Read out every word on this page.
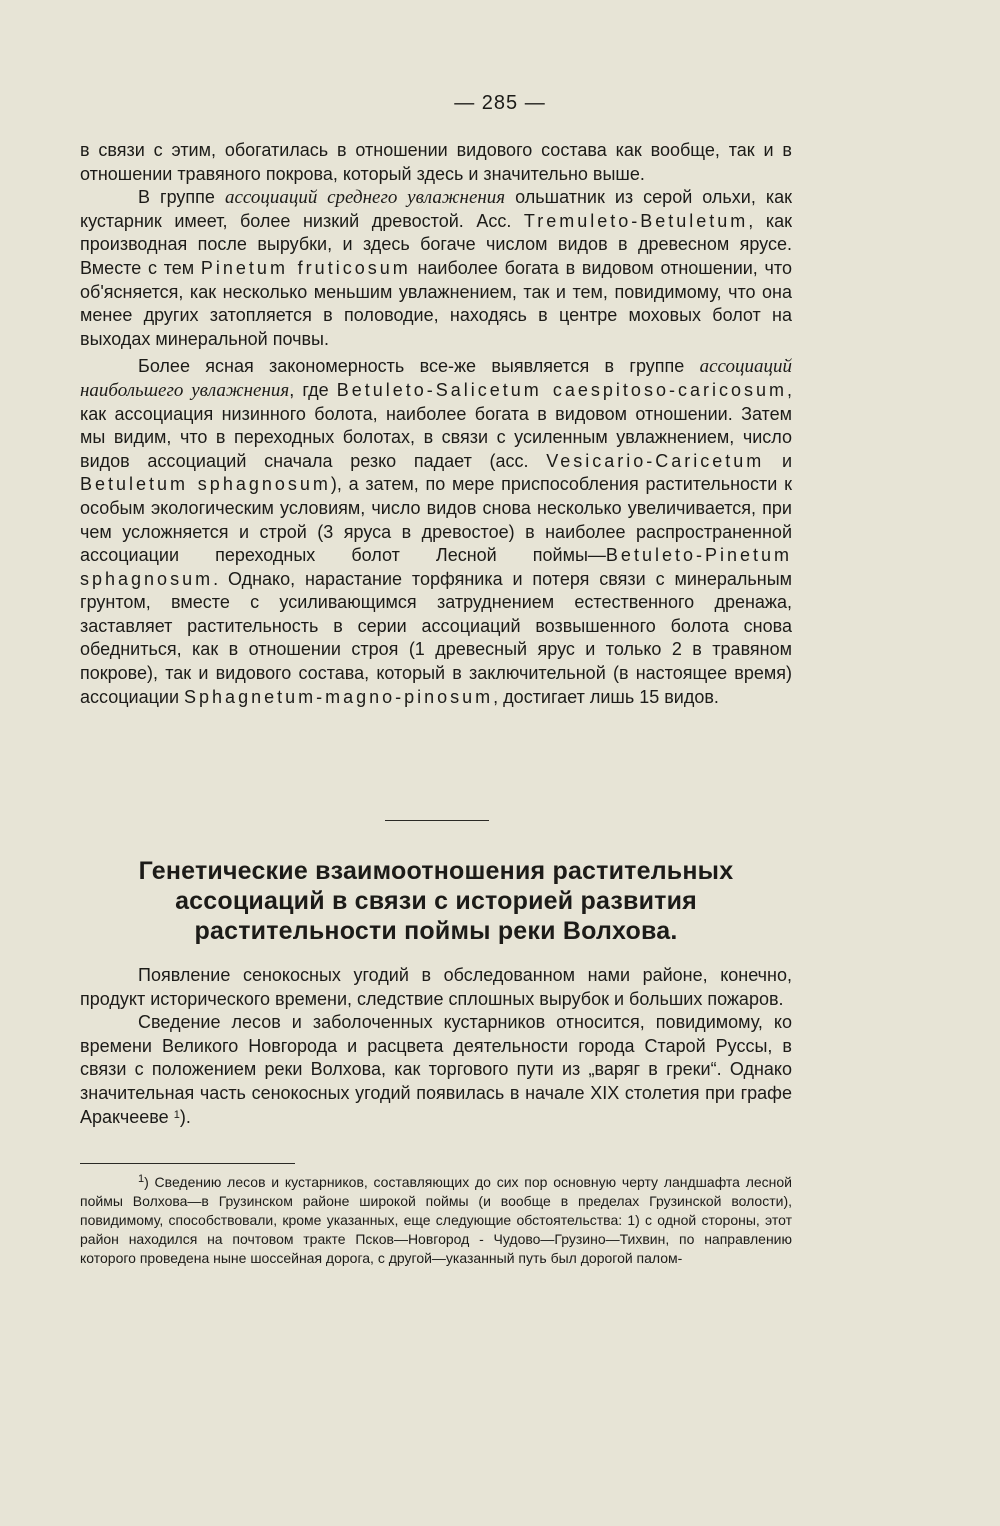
— 285 —

в связи с этим, обогатилась в отношении видового состава как вообще, так и в отношении травяного покрова, который здесь и значительно выше.

В группе ассоциаций среднего увлажнения ольшатник из серой ольхи, как кустарник имеет, более низкий древостой. Асс. Tremuleto-Betuletum, как производная после вырубки, и здесь богаче числом видов в древесном ярусе. Вместе с тем Pinetum fruticosum наиболее богата в видовом отношении, что об'ясняется, как несколько меньшим увлажнением, так и тем, повидимому, что она менее других затопляется в половодие, находясь в центре моховых болот на выходах минеральной почвы.

Более ясная закономерность все-же выявляется в группе ассоциаций наибольшего увлажнения, где Betuleto-Salicetum caespitoso-caricosum, как ассоциация низинного болота, наиболее богата в видовом отношении. Затем мы видим, что в переходных болотах, в связи с усиленным увлажнением, число видов ассоциаций сначала резко падает (асс. Vesicario-Caricetum и Betuletum sphagnosum), а затем, по мере приспособления растительности к особым экологическим условиям, число видов снова несколько увеличивается, при чем усложняется и строй (3 яруса в древостое) в наиболее распространенной ассоциации переходных болот Лесной поймы—Betuleto-Pinetum sphagnosum. Однако, нарастание торфяника и потеря связи с минеральным грунтом, вместе с усиливающимся затруднением естественного дренажа, заставляет растительность в серии ассоциаций возвышенного болота снова обедниться, как в отношении строя (1 древесный ярус и только 2 в травяном покрове), так и видового состава, который в заключительной (в настоящее время) ассоциации Sphagnetum-magno-pinosum, достигает лишь 15 видов.

Генетические взаимоотношения растительных ассоциаций в связи с историей развития растительности поймы реки Волхова.

Появление сенокосных угодий в обследованном нами районе, конечно, продукт исторического времени, следствие сплошных вырубок и больших пожаров.

Сведение лесов и заболоченных кустарников относится, повидимому, ко времени Великого Новгорода и расцвета деятельности города Старой Руссы, в связи с положением реки Волхова, как торгового пути из „варяг в греки“. Однако значительная часть сенокосных угодий появилась в начале XIX столетия при графе Аракчееве $^1$).

$^1$) Сведению лесов и кустарников, составляющих до сих пор основную черту ландшафта лесной поймы Волхова—в Грузинском районе широкой поймы (и вообще в пределах Грузинской волости), повидимому, способствовали, кроме указанных, еще следующие обстоятельства: 1) с одной стороны, этот район находился на почтовом тракте Псков—Новгород - Чудово—Грузино—Тихвин, по направлению которого проведена ныне шоссейная дорога, с другой—указанный путь был дорогой палом-
